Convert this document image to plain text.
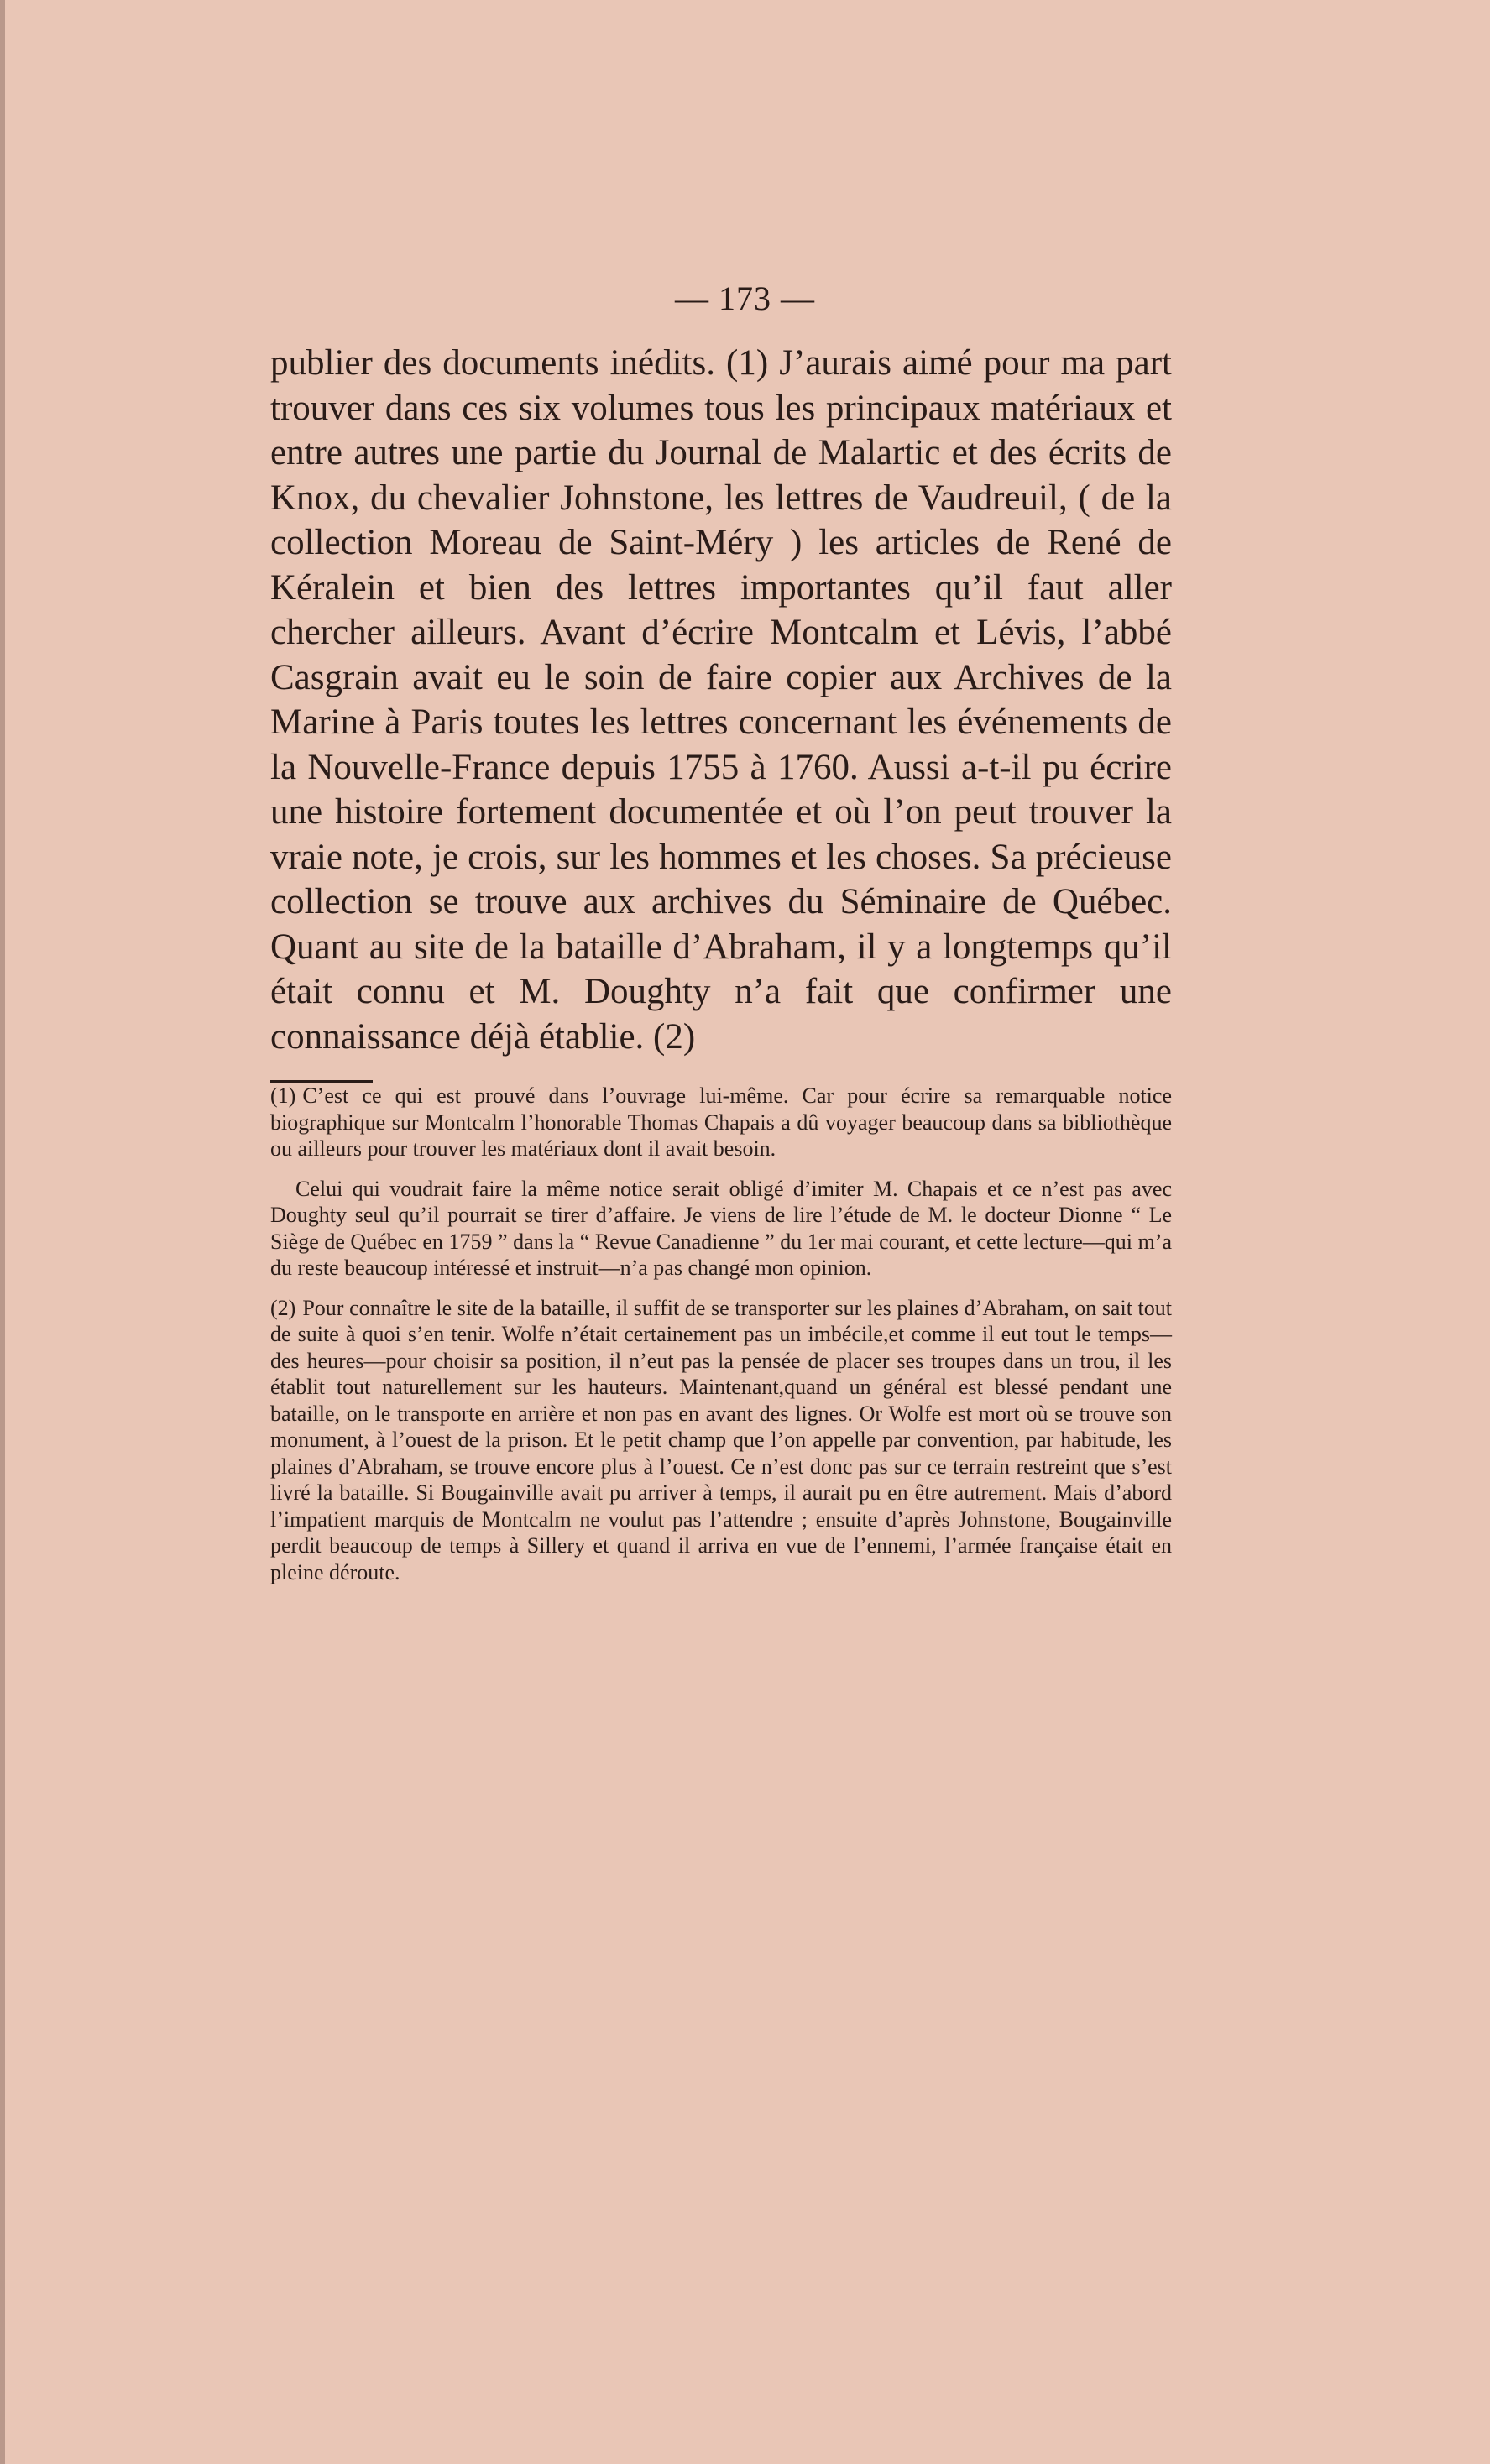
— 173 —

publier des documents inédits. (1) J’aurais aimé pour ma part trouver dans ces six volumes tous les principaux matériaux et entre autres une partie du Journal de Malartic et des écrits de Knox, du chevalier Johnstone, les lettres de Vaudreuil, ( de la collection Moreau de Saint-Méry ) les articles de René de Kéralein et bien des lettres importantes qu’il faut aller chercher ailleurs. Avant d’écrire Montcalm et Lévis, l’abbé Casgrain avait eu le soin de faire copier aux Archives de la Marine à Paris toutes les lettres concernant les événements de la Nouvelle-France depuis 1755 à 1760. Aussi a-t-il pu écrire une histoire fortement documentée et où l’on peut trouver la vraie note, je crois, sur les hommes et les choses. Sa précieuse collection se trouve aux archives du Séminaire de Québec. Quant au site de la bataille d’Abraham, il y a longtemps qu’il était connu et M. Doughty n’a fait que confirmer une connaissance déjà établie. (2)

(1) C’est ce qui est prouvé dans l’ouvrage lui-même. Car pour écrire sa remarquable notice biographique sur Montcalm l’honorable Thomas Chapais a dû voyager beaucoup dans sa bibliothèque ou ailleurs pour trouver les matériaux dont il avait besoin.

Celui qui voudrait faire la même notice serait obligé d’imiter M. Chapais et ce n’est pas avec Doughty seul qu’il pourrait se tirer d’affaire. Je viens de lire l’étude de M. le docteur Dionne “ Le Siège de Québec en 1759 ” dans la “ Revue Canadienne ” du 1er mai courant, et cette lecture—qui m’a du reste beaucoup intéressé et instruit—n’a pas changé mon opinion.

(2) Pour connaître le site de la bataille, il suffit de se transporter sur les plaines d’Abraham, on sait tout de suite à quoi s’en tenir. Wolfe n’était certainement pas un imbécile,et comme il eut tout le temps—des heures—pour choisir sa position, il n’eut pas la pensée de placer ses troupes dans un trou, il les établit tout naturellement sur les hauteurs. Maintenant,quand un général est blessé pendant une bataille, on le transporte en arrière et non pas en avant des lignes. Or Wolfe est mort où se trouve son monument, à l’ouest de la prison. Et le petit champ que l’on appelle par convention, par habitude, les plaines d’Abraham, se trouve encore plus à l’ouest. Ce n’est donc pas sur ce terrain restreint que s’est livré la bataille. Si Bougainville avait pu arriver à temps, il aurait pu en être autrement. Mais d’abord l’impatient marquis de Montcalm ne voulut pas l’attendre ; ensuite d’après Johnstone, Bougainville perdit beaucoup de temps à Sillery et quand il arriva en vue de l’ennemi, l’armée française était en pleine déroute.
